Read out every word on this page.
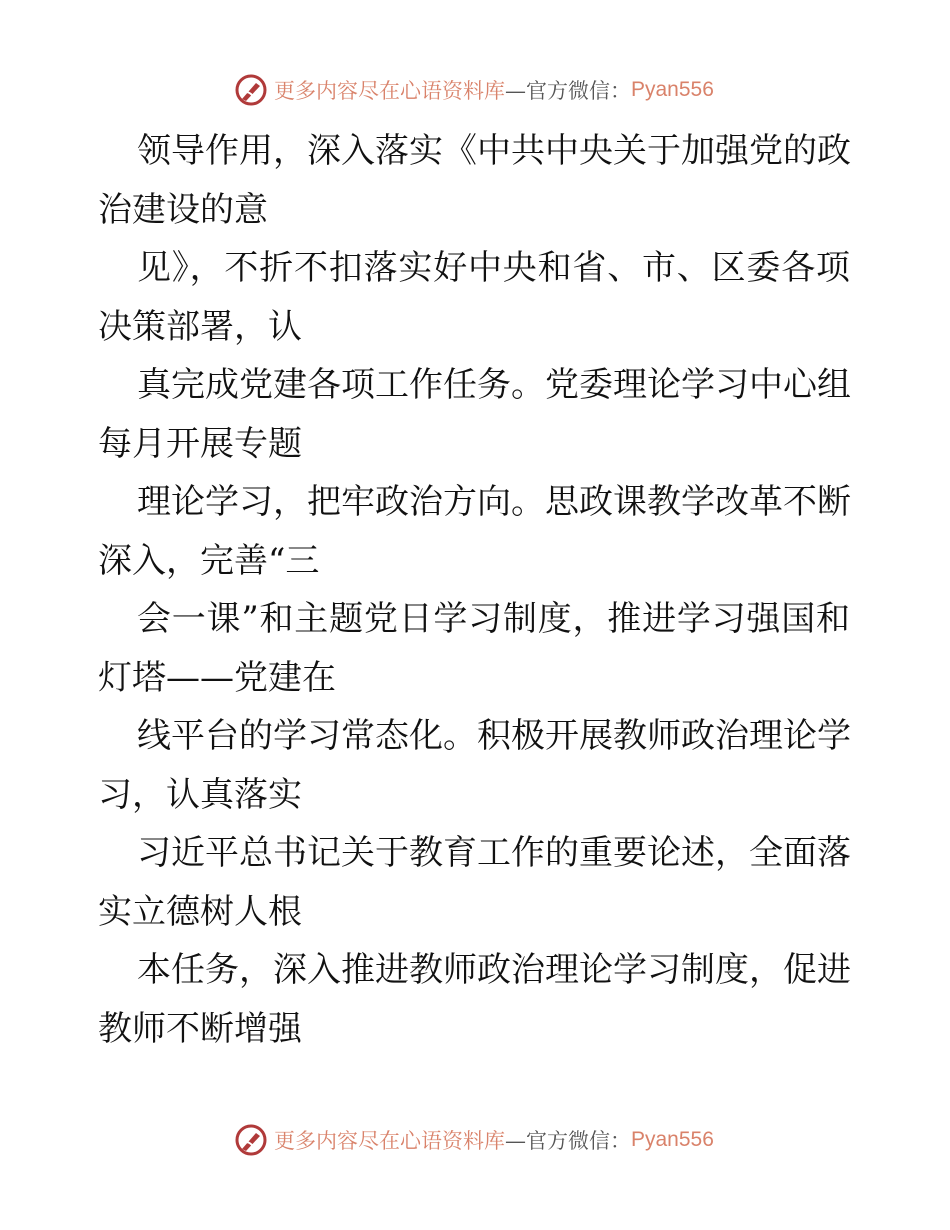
更多内容尽在心语资料库 —官方微信： Pyan556
领导作用，深入落实《中共中央关于加强党的政
治建设的意
见》，不折不扣落实好中央和省、市、区委各项
决策部署，认
真完成党建各项工作任务。党委理论学习中心组
每月开展专题
理论学习，把牢政治方向。思政课教学改革不断
深入，完善“三
会一课”和主题党日学习制度，推进学习强国和
灯塔——党建在
线平台的学习常态化。积极开展教师政治理论学
习，认真落实
习近平总书记关于教育工作的重要论述，全面落
实立德树人根
本任务，深入推进教师政治理论学习制度，促进
教师不断增强
更多内容尽在心语资料库 —官方微信： Pyan556
